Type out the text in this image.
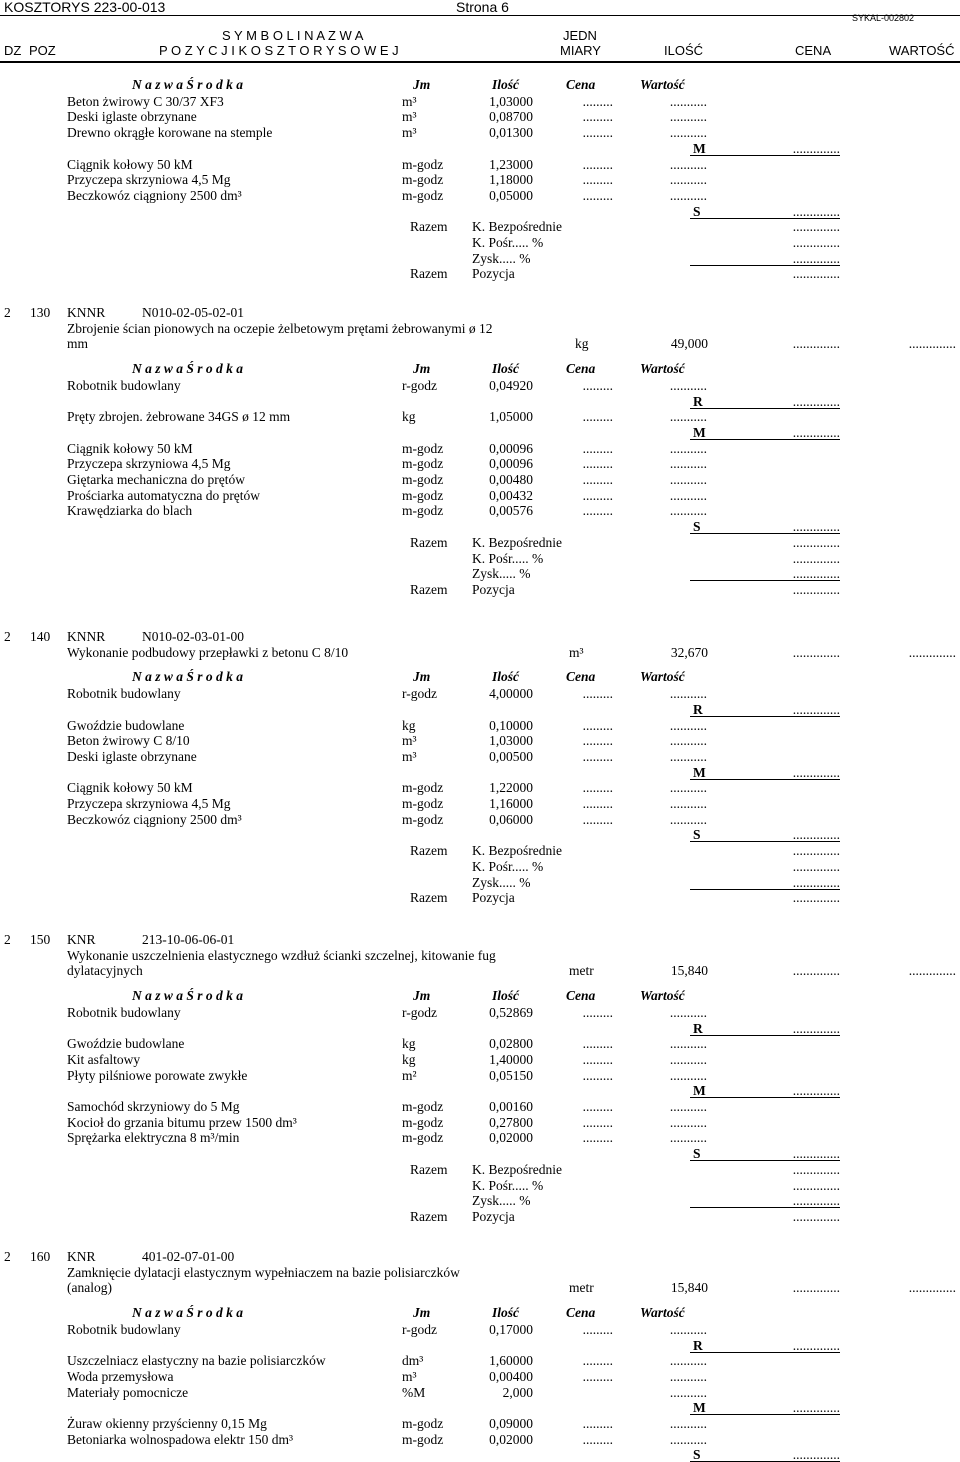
KOSZTORYS 223-00-013	Strona 6
SYKAL-002802
S Y M B O L I N A Z W A	JEDN
DZ POZ	P O Z Y C J I K O S Z T O R Y S O W E J	MIARY	ILOŚĆ	CENA	WARTOŚĆ
N a z w a Ś r o d k a	Jm	Ilość	Cena	Wartość
Beton żwirowy C 30/37 XF3	m³	1,03000	.........	...........
Deski iglaste obrzynane	m³	0,08700	.........	...........
Drewno okrągłe korowane na stemple	m³	0,01300	.........	...........
M	..............
Ciągnik kołowy 50 kM	m-godz	1,23000	.........	...........
Przyczepa skrzyniowa 4,5 Mg	m-godz	1,18000	.........	...........
Beczkowóz ciągniony 2500 dm³	m-godz	0,05000	.........	...........
S	..............
Razem K. Bezpośrednie	..............
K. Pośr..... %	..............
Zysk..... %	..............
Razem Pozycja	..............
2 130 KNNR	N010-02-05-02-01
Zbrojenie ścian pionowych na oczepie żelbetowym prętami żebrowanymi ø 12
mm	kg	49,000	..............	..............
N a z w a Ś r o d k a	Jm	Ilość	Cena	Wartość
Robotnik budowlany	r-godz	0,04920	.........	...........
R	..............
Pręty zbrojen. żebrowane 34GS ø 12 mm	kg	1,05000	.........	...........
M	..............
Ciągnik kołowy 50 kM	m-godz	0,00096	.........	...........
Przyczepa skrzyniowa 4,5 Mg	m-godz	0,00096	.........	...........
Giętarka mechaniczna do prętów	m-godz	0,00480	.........	...........
Prościarka automatyczna do prętów	m-godz	0,00432	.........	...........
Krawędziarka do blach	m-godz	0,00576	.........	...........
S	..............
Razem K. Bezpośrednie	..............
K. Pośr..... %	..............
Zysk..... %	..............
Razem Pozycja	..............
2 140 KNNR	N010-02-03-01-00
Wykonanie podbudowy przepławki z betonu C 8/10	m³	32,670	..............	..............
N a z w a Ś r o d k a	Jm	Ilość	Cena	Wartość
Robotnik budowlany	r-godz	4,00000	.........	...........
R	..............
Gwoździe budowlane	kg	0,10000	.........	...........
Beton żwirowy C 8/10	m³	1,03000	.........	...........
Deski iglaste obrzynane	m³	0,00500	.........	...........
M	..............
Ciągnik kołowy 50 kM	m-godz	1,22000	.........	...........
Przyczepa skrzyniowa 4,5 Mg	m-godz	1,16000	.........	...........
Beczkowóz ciągniony 2500 dm³	m-godz	0,06000	.........	...........
S	..............
Razem K. Bezpośrednie	..............
K. Pośr..... %	..............
Zysk..... %	..............
Razem Pozycja	..............
2 150 KNR	213-10-06-06-01
Wykonanie uszczelnienia elastycznego wzdłuż ścianki szczelnej, kitowanie fug
dylatacyjnych	metr	15,840	..............	..............
N a z w a Ś r o d k a	Jm	Ilość	Cena	Wartość
Robotnik budowlany	r-godz	0,52869	.........	...........
R	..............
Gwoździe budowlane	kg	0,02800	.........	...........
Kit asfaltowy	kg	1,40000	.........	...........
Płyty pilśniowe porowate zwykłe	m²	0,05150	.........	...........
M	..............
Samochód skrzyniowy do 5 Mg	m-godz	0,00160	.........	...........
Kocioł do grzania bitumu przew 1500 dm³	m-godz	0,27800	.........	...........
Sprężarka elektryczna 8 m³/min	m-godz	0,02000	.........	...........
S	..............
Razem K. Bezpośrednie	..............
K. Pośr..... %	..............
Zysk..... %	..............
Razem Pozycja	..............
2 160 KNR	401-02-07-01-00
Zamknięcie dylatacji elastycznym wypełniaczem na bazie polisiarczków
(analog)	metr	15,840	..............	..............
N a z w a Ś r o d k a	Jm	Ilość	Cena	Wartość
Robotnik budowlany	r-godz	0,17000	.........	...........
R	..............
Uszczelniacz elastyczny na bazie polisiarczków	dm³	1,60000	.........	...........
Woda przemysłowa	m³	0,00400	.........	...........
Materiały pomocnicze	%M	2,000	...........
M	..............
Żuraw okienny przyścienny 0,15 Mg	m-godz	0,09000	.........	...........
Betoniarka wolnospadowa elektr 150 dm³	m-godz	0,02000	.........	...........
S	..............
